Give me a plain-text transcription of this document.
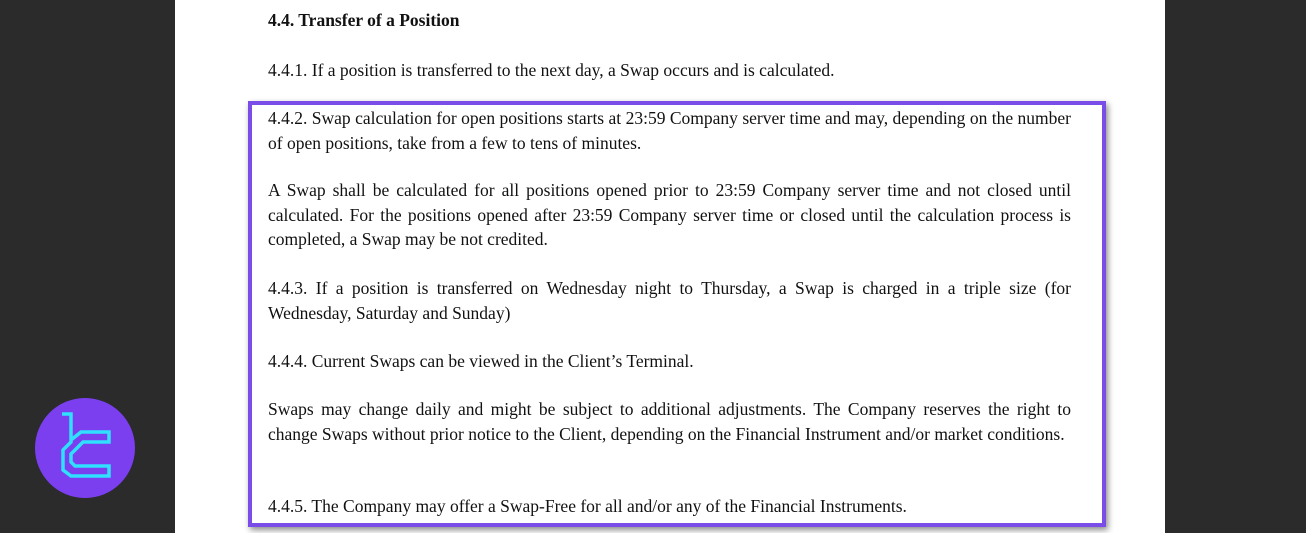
4.4. Transfer of a Position
4.4.1. If a position is transferred to the next day, a Swap occurs and is calculated.
4.4.2. Swap calculation for open positions starts at 23:59 Company server time and may, depending on the number of open positions, take from a few to tens of minutes.
A Swap shall be calculated for all positions opened prior to 23:59 Company server time and not closed until calculated. For the positions opened after 23:59 Company server time or closed until the calculation process is completed, a Swap may be not credited.
4.4.3. If a position is transferred on Wednesday night to Thursday, a Swap is charged in a triple size (for Wednesday, Saturday and Sunday)
4.4.4. Current Swaps can be viewed in the Client’s Terminal.
Swaps may change daily and might be subject to additional adjustments. The Company reserves the right to change Swaps without prior notice to the Client, depending on the Financial Instrument and/or market conditions.
4.4.5. The Company may offer a Swap-Free for all and/or any of the Financial Instruments.
